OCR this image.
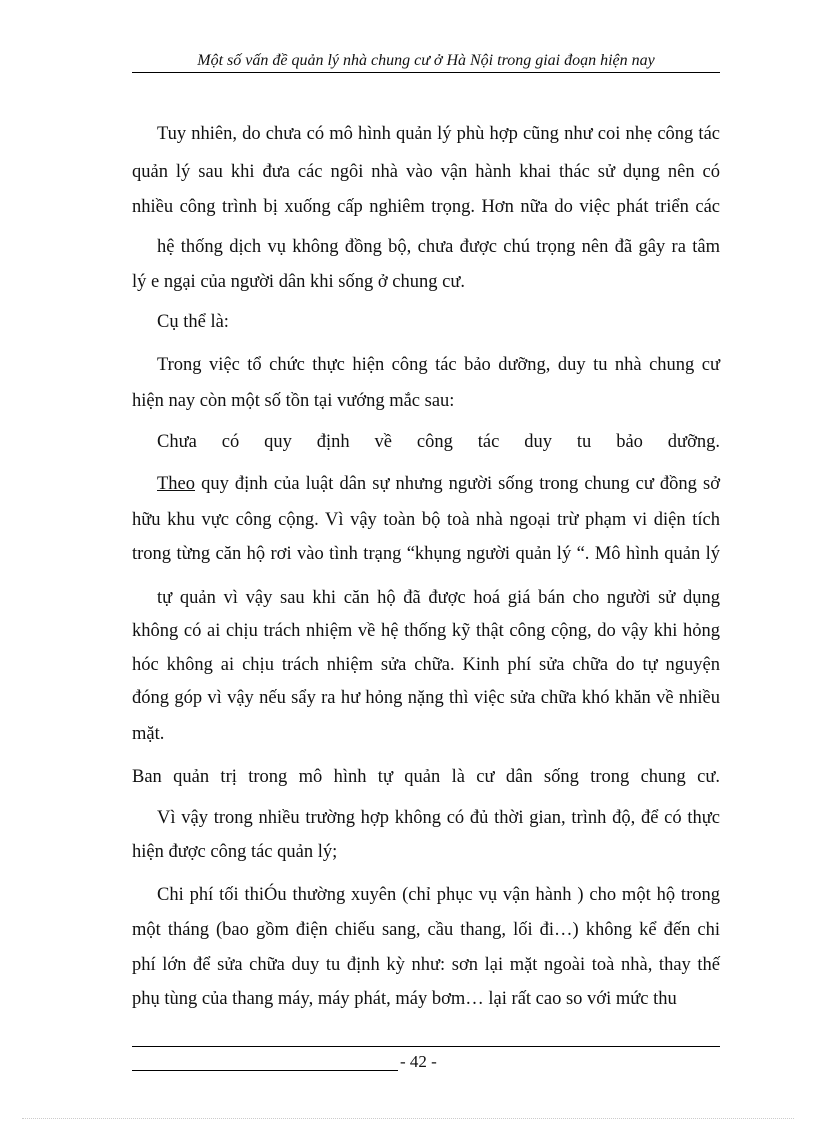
Một số vấn đề quản lý nhà chung cư ở Hà Nội trong giai đoạn hiện nay
Tuy nhiên, do chưa có mô hình quản lý phù hợp cũng như coi nhẹ công tác
quản lý sau khi đưa các ngôi nhà vào vận hành khai thác sử dụng nên có
nhiều công trình bị xuống cấp nghiêm trọng. Hơn nữa do việc phát triển các
hệ thống dịch vụ không đồng bộ, chưa được chú trọng nên đã gây ra tâm
lý e ngại của người dân khi sống ở chung cư.
Cụ thể là:
Trong việc tổ chức thực hiện công tác bảo dưỡng, duy tu nhà chung cư
hiện nay còn một số tồn tại vướng mắc sau:
Chưa có quy định về công tác duy tu bảo dưỡng.
Theo quy định của luật dân sự nhưng người sống trong chung cư đồng sở
hữu khu vực công cộng. Vì vậy toàn bộ toà nhà ngoại trừ phạm vi diện tích
trong từng căn hộ rơi vào tình trạng “khụng người quản lý “. Mô hình quản lý
tự quản vì vậy sau khi căn hộ đã được hoá giá bán cho người sử dụng
không có ai chịu trách nhiệm về hệ thống kỹ thật công cộng, do vậy khi hỏng
hóc không ai chịu trách nhiệm sửa chữa. Kinh phí sửa chữa do tự nguyện
đóng góp vì vậy nếu sẩy ra hư hỏng nặng thì việc sửa chữa khó khăn về nhiều
mặt.
Ban quản trị trong mô hình tự quản là cư dân sống trong chung cư.
Vì vậy trong nhiều trường hợp không có đủ thời gian, trình độ, để có thực
hiện được công tác quản lý;
Chi phí tối thiÓu thường xuyên (chỉ phục vụ vận hành ) cho một hộ trong
một tháng (bao gồm điện chiếu sang, cầu thang, lối đi…) không kể đến chi
phí lớn để sửa chữa duy tu định kỳ như: sơn lại mặt ngoài toà nhà, thay thế
phụ tùng của thang máy, máy phát, máy bơm… lại rất cao so với mức thu
- 42 -
